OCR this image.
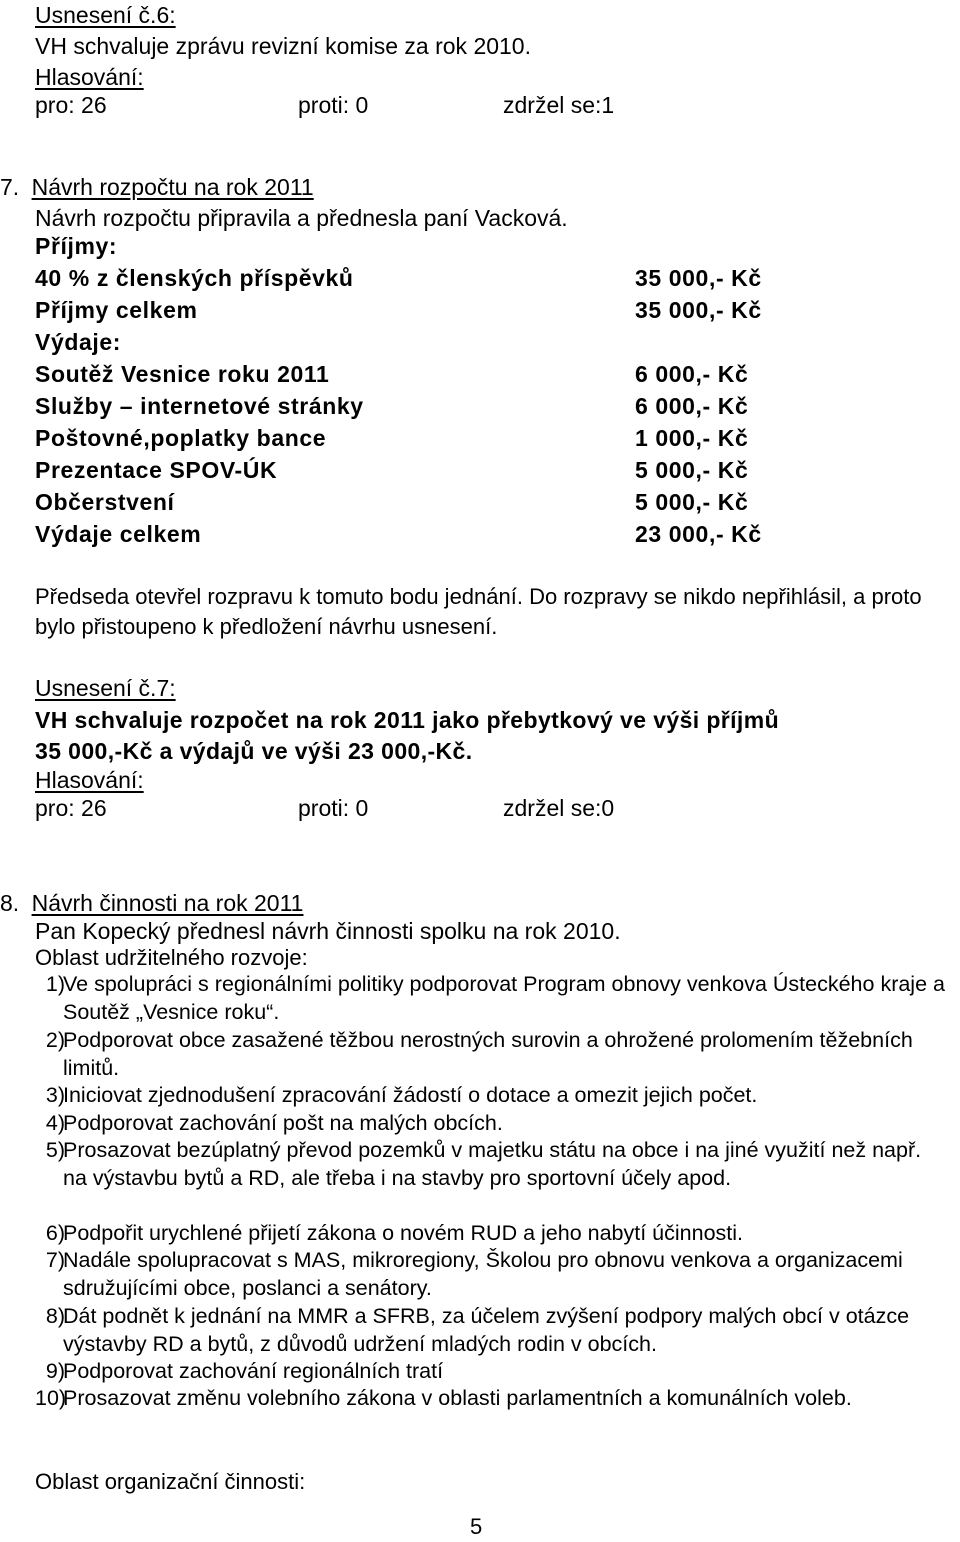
Usnesení č.6:
VH schvaluje zprávu revizní komise za rok 2010.
Hlasování:
pro: 26	proti: 0	zdržel se:1
7. Návrh rozpočtu na rok 2011
Návrh rozpočtu připravila a přednesla paní Vacková.
Příjmy:
40 % z členských příspěvků	35 000,- Kč
Příjmy celkem	35 000,- Kč
Výdaje:
Soutěž Vesnice roku 2011	6 000,- Kč
Služby – internetové stránky	6 000,- Kč
Poštovné,poplatky bance	1 000,- Kč
Prezentace SPOV-ÚK	5 000,- Kč
Občerstvení	5 000,- Kč
Výdaje celkem	23 000,- Kč
Předseda otevřel rozpravu k tomuto bodu jednání. Do rozpravy se nikdo nepřihlásil, a proto bylo přistoupeno k předložení návrhu usnesení.
Usnesení č.7:
VH schvaluje rozpočet na rok 2011 jako přebytkový ve výši příjmů
35 000,-Kč a výdajů ve výši 23 000,-Kč.
Hlasování:
pro: 26	proti: 0	zdržel se:0
8. Návrh činnosti na rok 2011
Pan Kopecký přednesl návrh činnosti spolku na rok 2010.
Oblast udržitelného rozvoje:
1)
Ve spolupráci s regionálními politiky podporovat Program obnovy venkova Ústeckého kraje a Soutěž „Vesnice roku“.
2)
Podporovat obce zasažené těžbou nerostných surovin a ohrožené prolomením těžebních limitů.
3)
Iniciovat zjednodušení zpracování žádostí o dotace a omezit jejich počet.
4)
Podporovat zachování pošt na malých obcích.
5)
Prosazovat bezúplatný převod pozemků v majetku státu na obce i na jiné využití než např. na výstavbu bytů a RD, ale třeba i na stavby pro sportovní účely apod.
6)
Podpořit urychlené přijetí zákona o novém RUD a jeho nabytí účinnosti.
7)
Nadále spolupracovat s MAS, mikroregiony, Školou pro obnovu venkova a organizacemi sdružujícími obce, poslanci a senátory.
8)
Dát podnět k jednání na MMR a SFRB, za účelem zvýšení podpory malých obcí v otázce výstavby RD a bytů, z důvodů udržení mladých rodin v obcích.
9)
Podporovat zachování regionálních tratí
10)
Prosazovat změnu volebního zákona v oblasti parlamentních a komunálních voleb.
Oblast organizační činnosti:
5
